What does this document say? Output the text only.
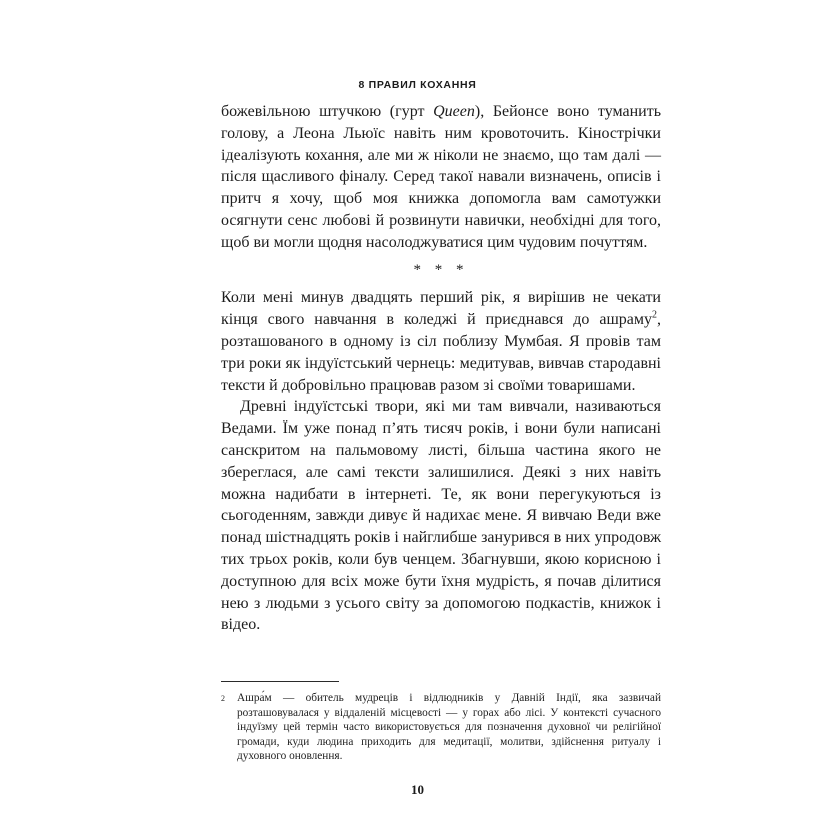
8 ПРАВИЛ КОХАННЯ

божевільною штучкою (гурт Queen), Бейонсе воно туманить голову, а Леона Льюїс навіть ним кровоточить. Кінострічки ідеалізують кохання, але ми ж ніколи не знаємо, що там далі — після щасливого фіналу. Серед такої навали визначень, описів і притч я хочу, щоб моя книжка допомогла вам самотужки осягнути сенс любові й розвинути навички, необхідні для того, щоб ви могли щодня насолоджуватися цим чудовим почуттям.

* * *

Коли мені минув двадцять перший рік, я вирішив не чекати кінця свого навчання в коледжі й приєднався до ашраму$^2$, розташованого в одному із сіл поблизу Мумбая. Я провів там три роки як індуїстський чернець: медитував, вивчав стародавні тексти й добровільно працював разом зі своїми товаришами.

Древні індуїстські твори, які ми там вивчали, називаються Ведами. Їм уже понад п’ять тисяч років, і вони були написані санскритом на пальмовому листі, більша частина якого не збереглася, але самі тексти залишилися. Деякі з них навіть можна надибати в інтернеті. Те, як вони перегукуються із сьогоденням, завжди дивує й надихає мене. Я вивчаю Веди вже понад шістнадцять років і найглибше занурився в них упродовж тих трьох років, коли був ченцем. Збагнувши, якою корисною і доступною для всіх може бути їхня мудрість, я почав ділитися нею з людьми з усього світу за допомогою подкастів, книжок і відео.

2	Ашра́м — обитель мудреців і відлюдників у Давній Індії, яка зазвичай розташовувалася у віддаленій місцевості — у горах або лісі. У контексті сучасного індуїзму цей термін часто використовується для позначення духовної чи релігійної громади, куди людина приходить для медитації, молитви, здійснення ритуалу і духовного оновлення.
10
